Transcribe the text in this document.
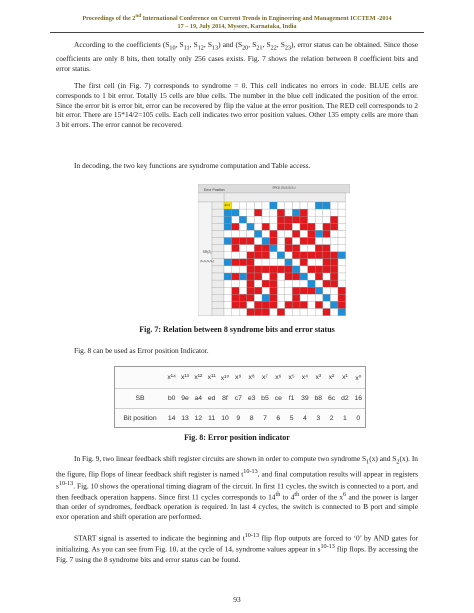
Proceedings of the 2nd International Conference on Current Trends in Engineering and Management ICCTEM -2014
17 – 19, July 2014, Mysore, Karnataka, India
According to the coefficients ($S_{10}$, $S_{11}$, $S_{12}$, $S_{13}$) and ($S_{20}$, $S_{21}$, $S_{22}$, $S_{23}$), error status can be obtained. Since those coefficients are only 8 bits, then totally only 256 cases exists. Fig. 7 shows the relation between 8 coefficient bits and error status.
The first cell (in Fig. 7) corresponds to syndrome = 0. This cell indicates no errors in code. BLUE cells are corresponds to 1 bit error. Totally 15 cells are blue cells. The number in the blue cell indicated the position of the error. Since the error bit is error bit, error can be recovered by flip the value at the error position. The RED cell corresponds to 2 bit error. There are 15*14/2=105 cells. Each cell indicates two error position values. Other 135 empty cells are more than 3 bit errors. The error cannot be recovered.
In decoding, the two key functions are syndrome computation and Table access.
Error Position
SR(1) (S₃S₂S₁S₀)
SR(2)
(S₃S₂S₁S₀)
Error
Fig. 7: Relation between 8 syndrome bits and error status
Fig. 8 can be used as Error position Indicator.
x¹⁴ x¹³ x¹² x¹¹ x¹⁰ x⁹	x⁸	x⁷	x⁶	x⁵	x⁴	x³	x²	x¹	x⁰
SB	b0 9e a4 ed 8f	c7 e3 b5 ce	f1 39 b8 6c d2 16
Bit position	14 13 12 11 10	9	8	7	6	5	4	3	2	1	0
Fig. 8: Error position indicator
In Fig. 9, two linear feedback shift register circuits are shown in order to compute two syndrome $S_1(x)$ and $S_2(x)$. In the figure, flip flops of linear feedback shift register is named $t^{10-13}$, and final computation results will appear in registers $s^{10-13}$. Fig. 10 shows the operational timing diagram of the circuit. In first 11 cycles, the switch is connected to a port, and then feedback operation happens. Since first 11 cycles corresponds to 14th to 4th order of the $x^6$ and the power is larger than order of syndromes, feedback operation is required. In last 4 cycles, the switch is connected to B port and simple exor operation and shift operation are performed.
START signal is asserted to indicate the beginning and $t^{10-13}$ flip flop outputs are forced to ‘0’ by AND gates for initializing. As you can see from Fig. 10, at the cycle of 14, syndrome values appear in $s^{10-13}$ flip flops. By accessing the Fig. 7 using the 8 syndrome bits and error status can be found.
93
